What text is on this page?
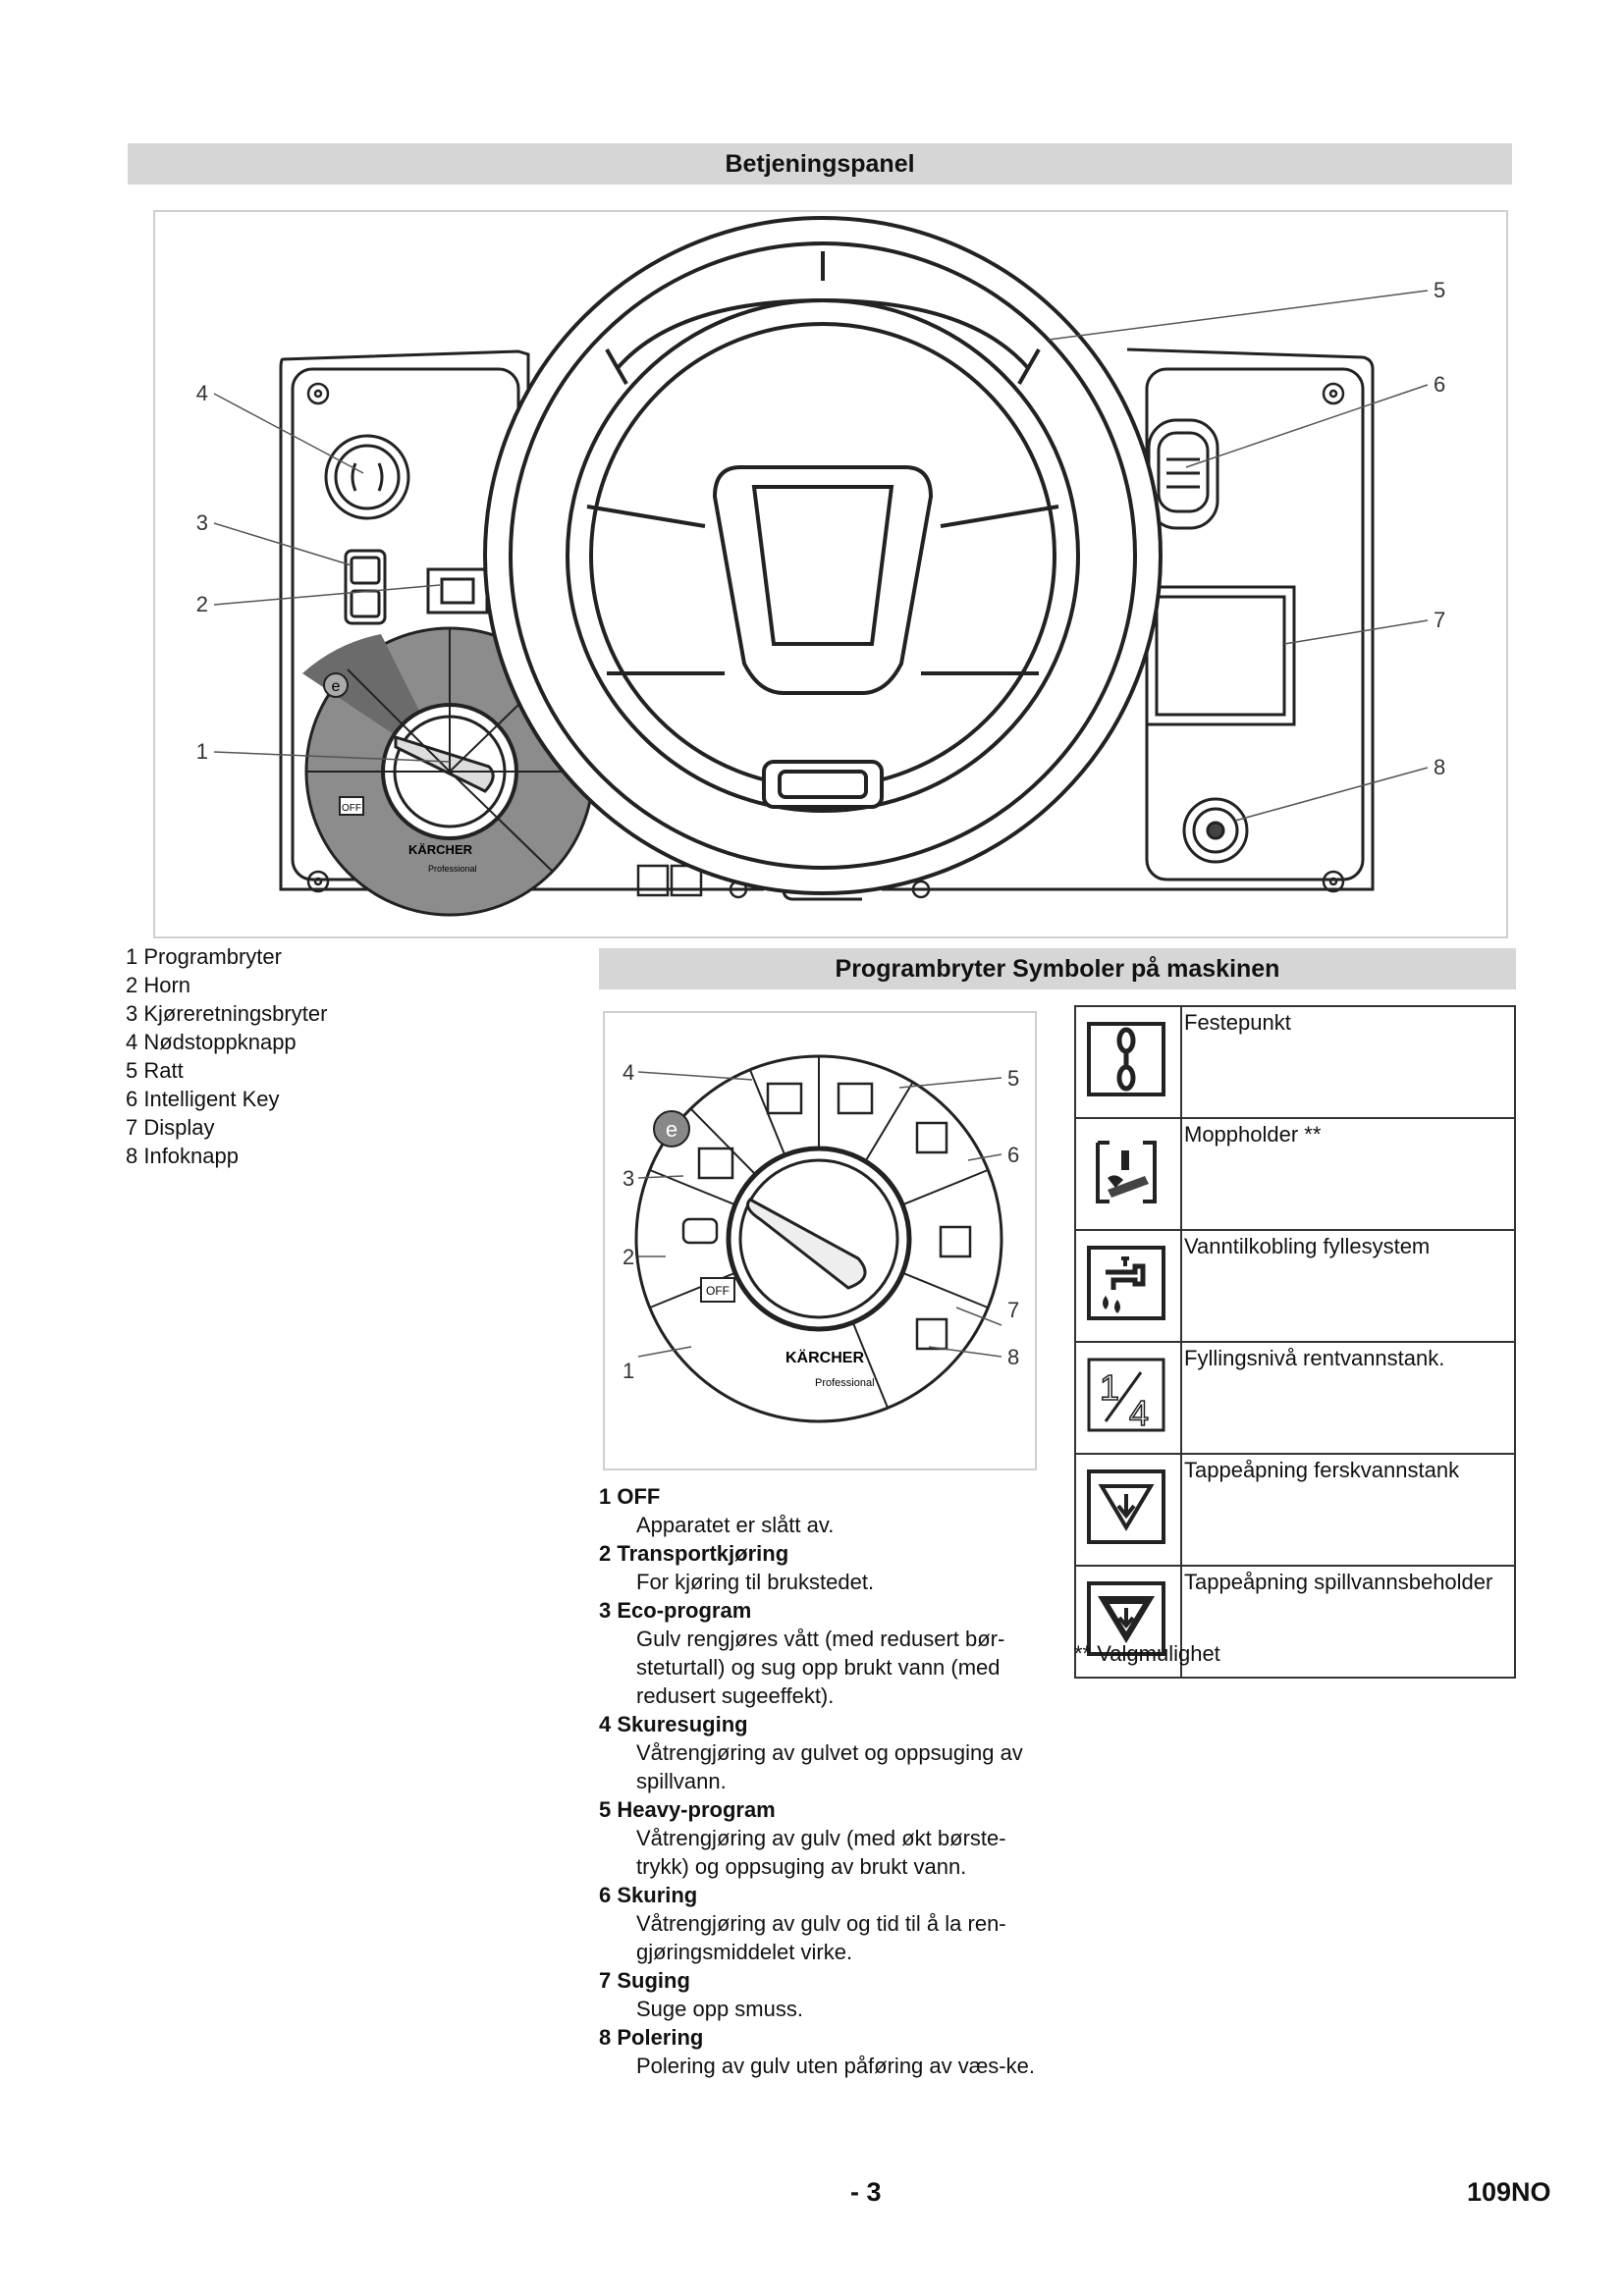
Betjeningspanel
OFF
KÄRCHER
Professional
e
4
3
2
1
5
6
7
8
1 Programbryter
2 Horn
3 Kjøreretningsbryter
4 Nødstoppknapp
5 Ratt
6 Intelligent Key
7 Display
8 Infoknapp
Programbryter Symboler på maskinen
OFF
KÄRCHER
Professional
e
1
2
3
4	5
6
7
8
1 OFF
Apparatet er slått av.
2 Transportkjøring
For kjøring til brukstedet.
3 Eco-program
Gulv rengjøres vått (med redusert bør-steturtall) og sug opp brukt vann (med redusert sugeeffekt).
4 Skuresuging
Våtrengjøring av gulvet og oppsuging av spillvann.
5 Heavy-program
Våtrengjøring av gulv (med økt børste-trykk) og oppsuging av brukt vann.
6 Skuring
Våtrengjøring av gulv og tid til å la ren-gjøringsmiddelet virke.
7 Suging
Suge opp smuss.
8 Polering
Polering av gulv uten påføring av væs-ke.
	Festepunkt
	Moppholder **
	Vanntilkobling fyllesystem

1
4	Fyllingsnivå rentvannstank.
	Tappeåpning ferskvannstank
	Tappeåpning spillvannsbeholder
** Valgmulighet
- 3	109NO
